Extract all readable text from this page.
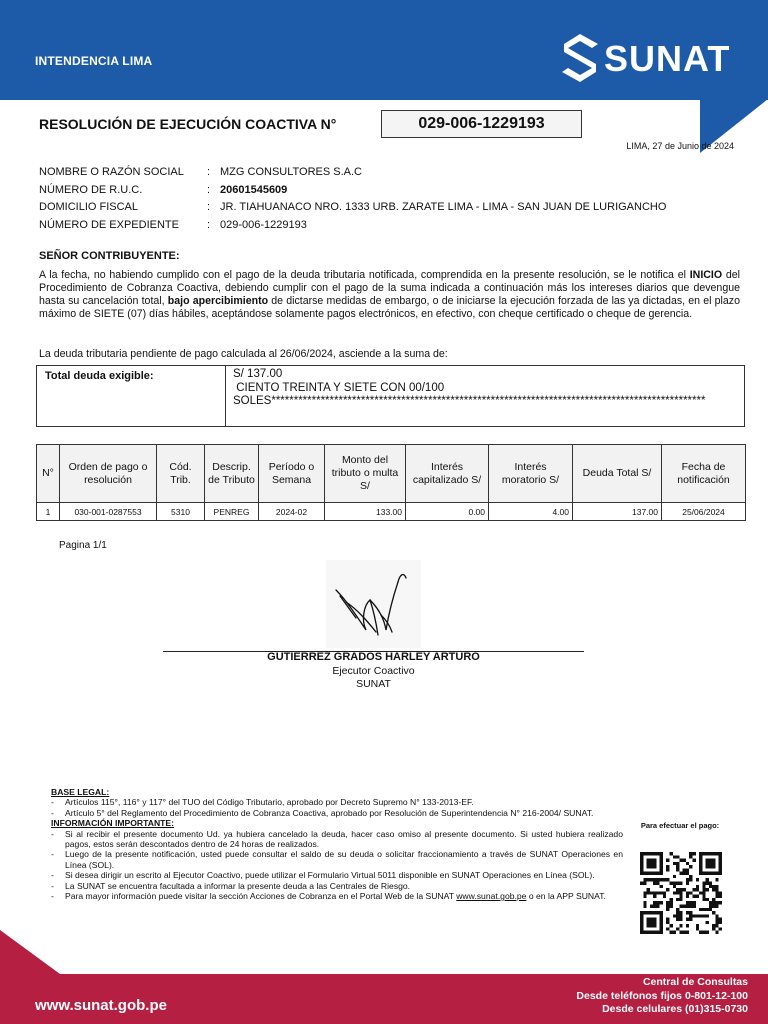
INTENDENCIA LIMA	SUNAT
RESOLUCIÓN DE EJECUCIÓN COACTIVA N°	029-006-1229193
LIMA, 27 de Junio de 2024
NOMBRE O RAZÓN SOCIAL : MZG CONSULTORES S.A.C
NÚMERO DE R.U.C.	: 20601545609
DOMICILIO FISCAL	: JR. TIAHUANACO NRO. 1333 URB. ZARATE LIMA - LIMA - SAN JUAN DE LURIGANCHO
NÚMERO DE EXPEDIENTE	: 029-006-1229193
SEÑOR CONTRIBUYENTE:
A la fecha, no habiendo cumplido con el pago de la deuda tributaria notificada, comprendida en la presente resolución, se le notifica el INICIO del Procedimiento de Cobranza Coactiva, debiendo cumplir con el pago de la suma indicada a continuación más los intereses diarios que devengue hasta su cancelación total, bajo apercibimiento de dictarse medidas de embargo, o de iniciarse la ejecución forzada de las ya dictadas, en el plazo máximo de SIETE (07) días hábiles, aceptándose solamente pagos electrónicos, en efectivo, con cheque certificado o cheque de gerencia.
La deuda tributaria pendiente de pago calculada al 26/06/2024, asciende a la suma de:
Total deuda exigible:	S/ 137.00
CIENTO TREINTA Y SIETE CON 00/100
SOLES*************************************************************************************************
N°	Orden de pago o resolución	Cód. Trib.	Descrip. de Tributo	Período o Semana	Monto del tributo o multa S/	Interés capitalizado S/	Interés moratorio S/	Deuda Total S/	Fecha de notificación
1	030-001-0287553	5310	PENREG	2024-02	133.00	0.00	4.00	137.00	25/06/2024
Pagina 1/1
GUTIERREZ GRADOS HARLEY ARTURO
Ejecutor Coactivo
SUNAT
BASE LEGAL:
- Artículos 115°, 116° y 117° del TUO del Código Tributario, aprobado por Decreto Supremo N° 133-2013-EF.
- Artículo 5° del Reglamento del Procedimiento de Cobranza Coactiva, aprobado por Resolución de Superintendencia N° 216-2004/ SUNAT.
INFORMACIÓN IMPORTANTE:
- Si al recibir el presente documento Ud. ya hubiera cancelado la deuda, hacer caso omiso al presente documento. Si usted hubiera realizado pagos, estos serán descontados dentro de 24 horas de realizados.
- Luego de la presente notificación, usted puede consultar el saldo de su deuda o solicitar fraccionamiento a través de SUNAT Operaciones en Línea (SOL).
- Si desea dirigir un escrito al Ejecutor Coactivo, puede utilizar el Formulario Virtual 5011 disponible en SUNAT Operaciones en Línea (SOL).
- La SUNAT se encuentra facultada a informar la presente deuda a las Centrales de Riesgo.
- Para mayor información puede visitar la sección Acciones de Cobranza en el Portal Web de la SUNAT www.sunat.gob.pe o en la APP SUNAT.
Para efectuar el pago:
www.sunat.gob.pe
Central de Consultas
Desde teléfonos fijos 0-801-12-100
Desde celulares (01)315-0730
